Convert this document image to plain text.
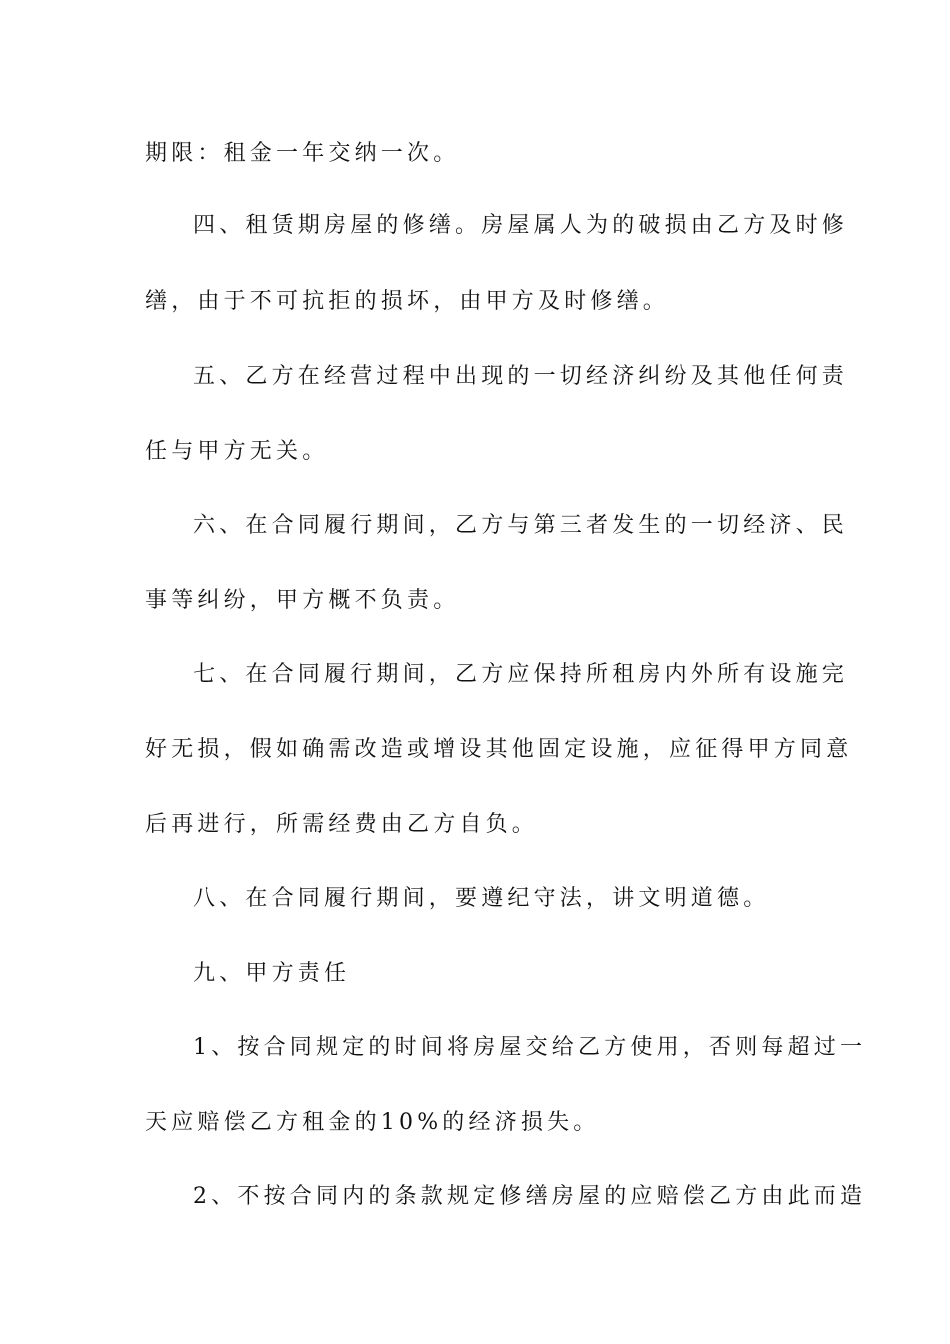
期限：租金一年交纳一次。
四、租赁期房屋的修缮。房屋属人为的破损由乙方及时修
缮，由于不可抗拒的损坏，由甲方及时修缮。
五、乙方在经营过程中出现的一切经济纠纷及其他任何责
任与甲方无关。
六、在合同履行期间，乙方与第三者发生的一切经济、民
事等纠纷，甲方概不负责。
七、在合同履行期间，乙方应保持所租房内外所有设施完
好无损，假如确需改造或增设其他固定设施，应征得甲方同意
后再进行，所需经费由乙方自负。
八、在合同履行期间，要遵纪守法，讲文明道德。
九、甲方责任
1、按合同规定的时间将房屋交给乙方使用，否则每超过一
天应赔偿乙方租金的10%的经济损失。
2、不按合同内的条款规定修缮房屋的应赔偿乙方由此而造
